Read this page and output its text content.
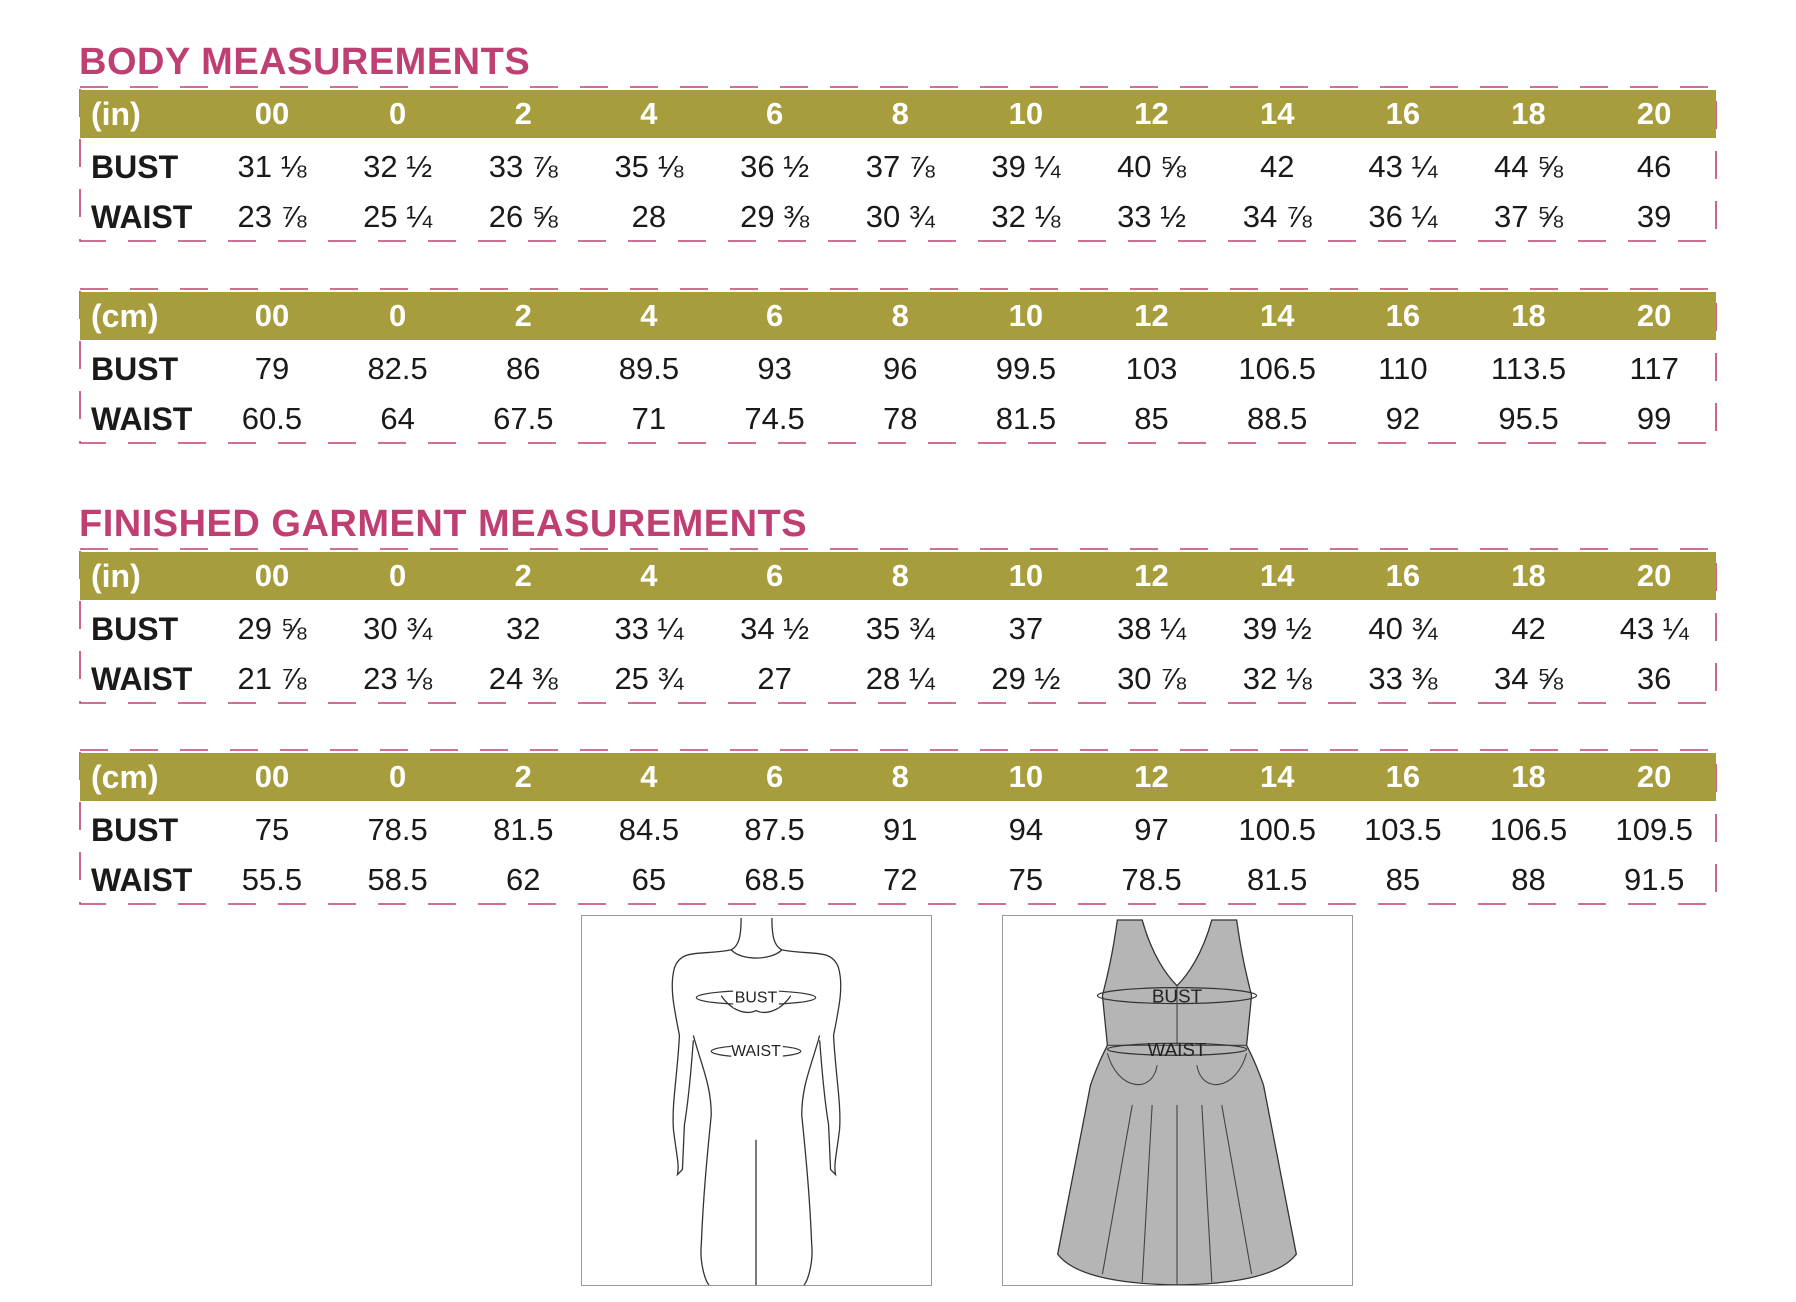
BODY MEASUREMENTS
(in)	00	0	2	4	6	8	10	12	14	16	18	20
BUST	31 ⅛	32 ½	33 ⅞	35 ⅛	36 ½	37 ⅞	39 ¼	40 ⅝	42	43 ¼	44 ⅝	46
WAIST	23 ⅞	25 ¼	26 ⅝	28	29 ⅜	30 ¾	32 ⅛	33 ½	34 ⅞	36 ¼	37 ⅝	39
(cm)	00	0	2	4	6	8	10	12	14	16	18	20
BUST	79	82.5	86	89.5	93	96	99.5	103	106.5	110	113.5	117
WAIST	60.5	64	67.5	71	74.5	78	81.5	85	88.5	92	95.5	99
FINISHED GARMENT MEASUREMENTS
(in)	00	0	2	4	6	8	10	12	14	16	18	20
BUST	29 ⅝	30 ¾	32	33 ¼	34 ½	35 ¾	37	38 ¼	39 ½	40 ¾	42	43 ¼
WAIST	21 ⅞	23 ⅛	24 ⅜	25 ¾	27	28 ¼	29 ½	30 ⅞	32 ⅛	33 ⅜	34 ⅝	36
(cm)	00	0	2	4	6	8	10	12	14	16	18	20
BUST	75	78.5	81.5	84.5	87.5	91	94	97	100.5	103.5	106.5	109.5
WAIST	55.5	58.5	62	65	68.5	72	75	78.5	81.5	85	88	91.5
BUST
WAIST
BUST
WAIST
